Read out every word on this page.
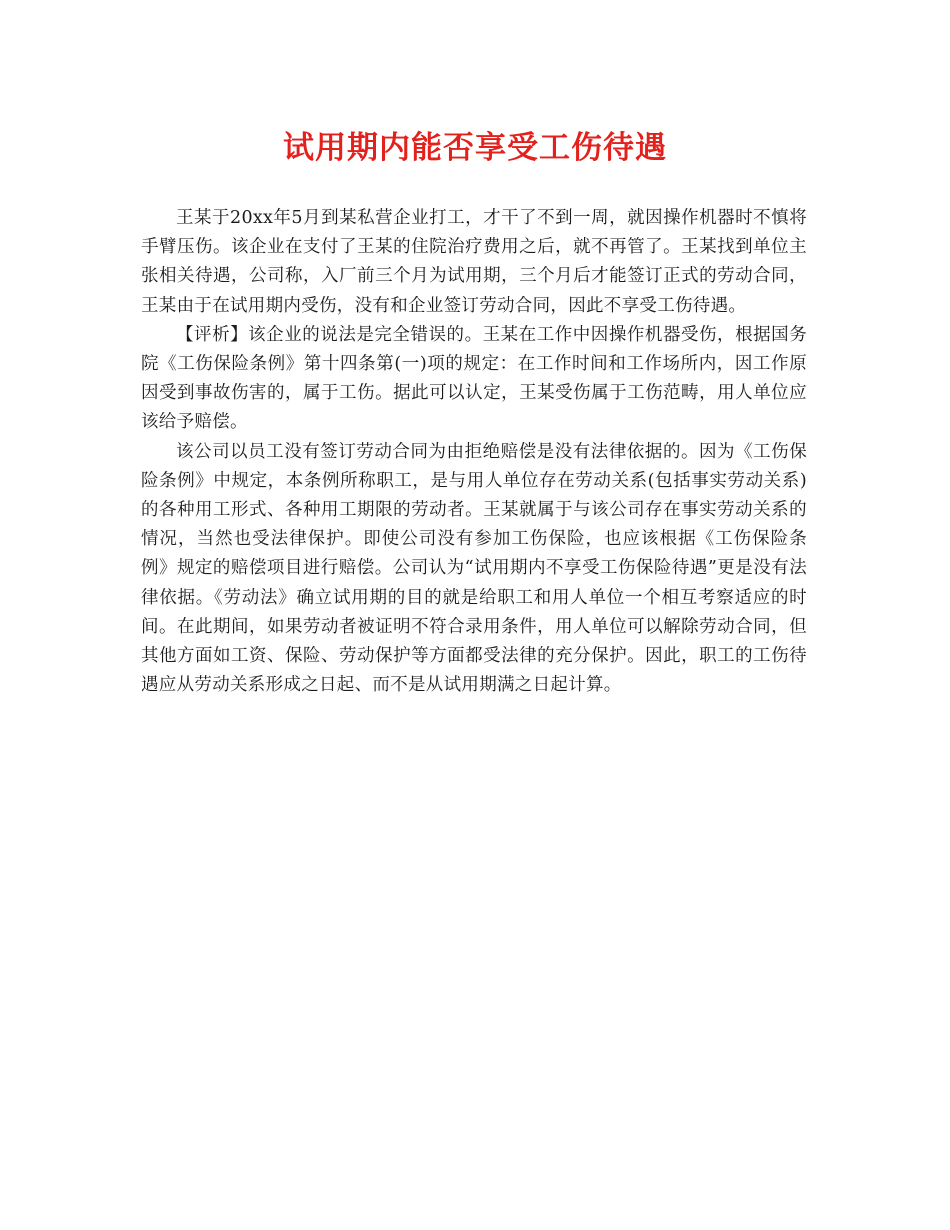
试用期内能否享受工伤待遇

王某于20xx年5月到某私营企业打工，才干了不到一周，就因操作机器时不慎将手臂压伤。该企业在支付了王某的住院治疗费用之后，就不再管了。王某找到单位主张相关待遇，公司称，入厂前三个月为试用期，三个月后才能签订正式的劳动合同，王某由于在试用期内受伤，没有和企业签订劳动合同，因此不享受工伤待遇。

【评析】该企业的说法是完全错误的。王某在工作中因操作机器受伤，根据国务院《工伤保险条例》第十四条第(一)项的规定：在工作时间和工作场所内，因工作原因受到事故伤害的，属于工伤。据此可以认定，王某受伤属于工伤范畴，用人单位应该给予赔偿。

该公司以员工没有签订劳动合同为由拒绝赔偿是没有法律依据的。因为《工伤保险条例》中规定，本条例所称职工，是与用人单位存在劳动关系(包括事实劳动关系)的各种用工形式、各种用工期限的劳动者。王某就属于与该公司存在事实劳动关系的情况，当然也受法律保护。即使公司没有参加工伤保险，也应该根据《工伤保险条例》规定的赔偿项目进行赔偿。公司认为“试用期内不享受工伤保险待遇”更是没有法律依据。《劳动法》确立试用期的目的就是给职工和用人单位一个相互考察适应的时间。在此期间，如果劳动者被证明不符合录用条件，用人单位可以解除劳动合同，但其他方面如工资、保险、劳动保护等方面都受法律的充分保护。因此，职工的工伤待遇应从劳动关系形成之日起、而不是从试用期满之日起计算。
